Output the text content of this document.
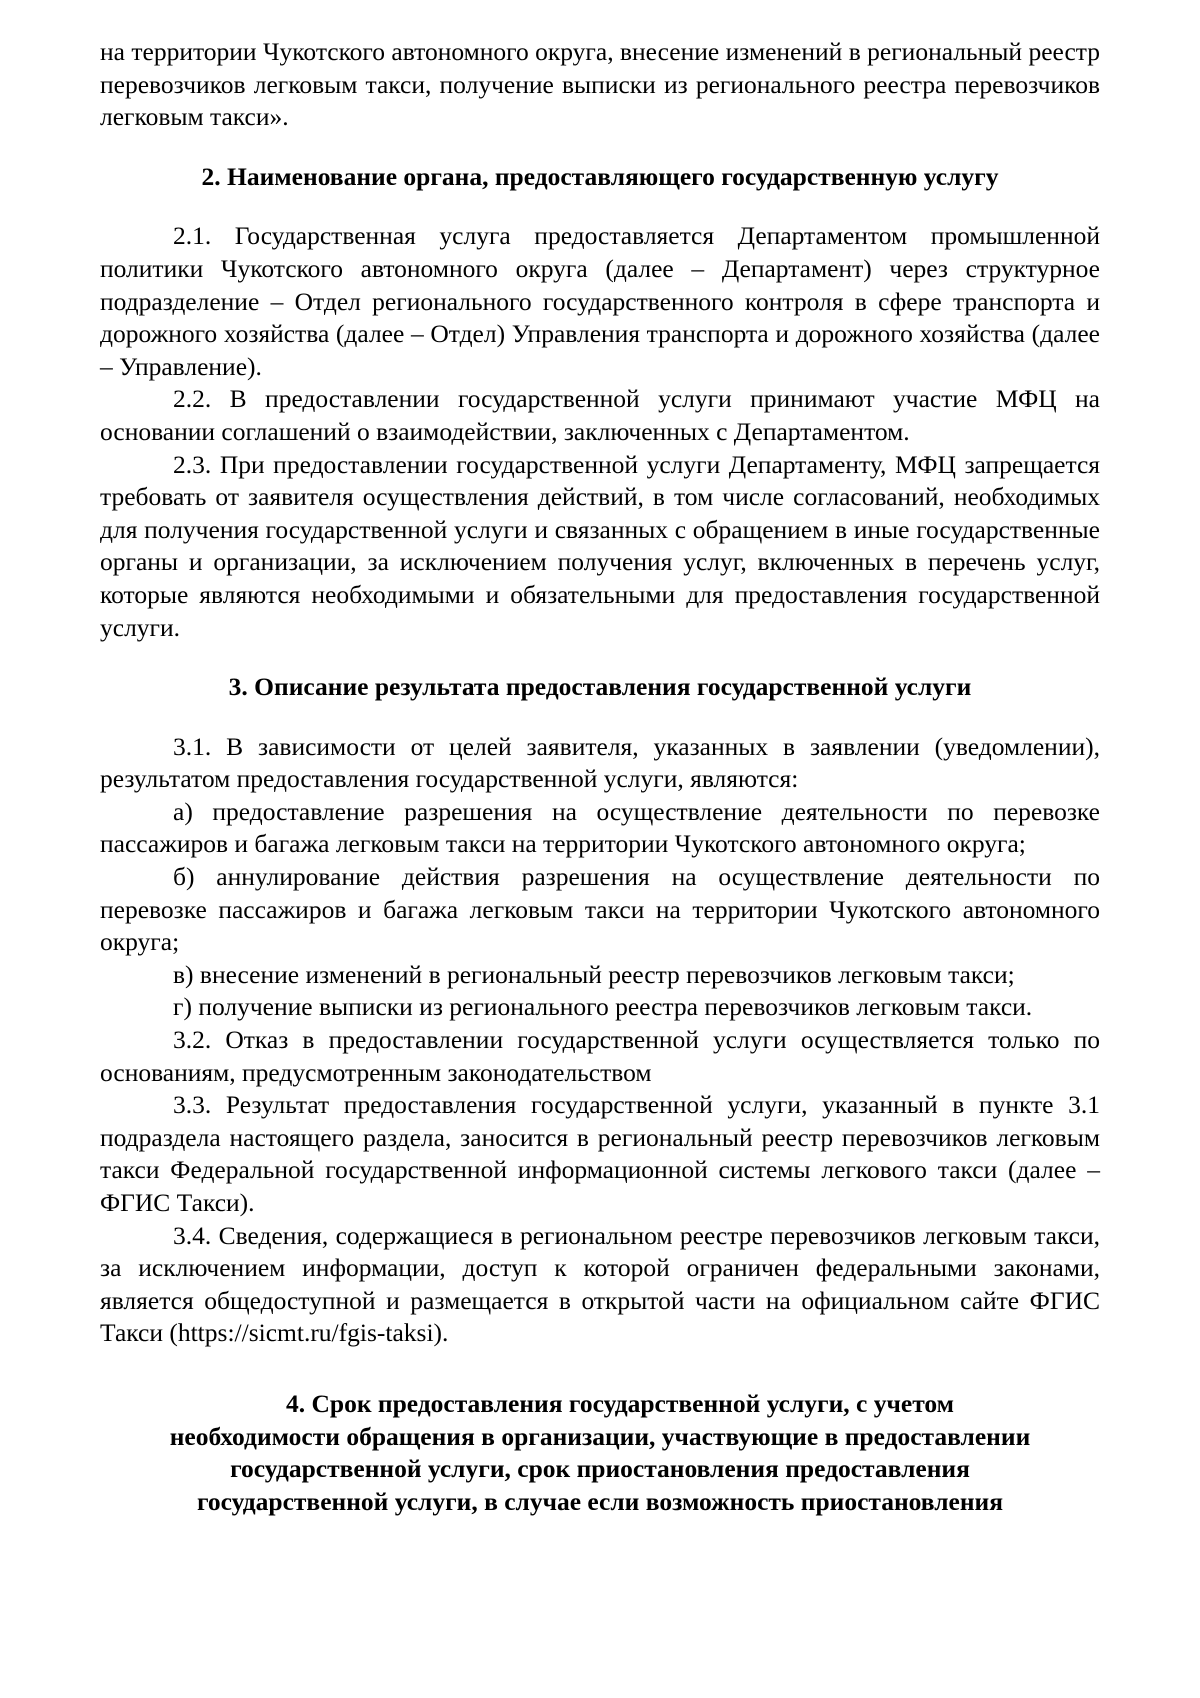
на территории Чукотского автономного округа, внесение изменений в региональный реестр перевозчиков легковым такси, получение выписки из регионального реестра перевозчиков легковым такси».

2. Наименование органа, предоставляющего государственную услугу

2.1. Государственная услуга предоставляется Департаментом промышленной политики Чукотского автономного округа (далее – Департамент) через структурное подразделение – Отдел регионального государственного контроля в сфере транспорта и дорожного хозяйства (далее – Отдел) Управления транспорта и дорожного хозяйства (далее – Управление).

2.2. В предоставлении государственной услуги принимают участие МФЦ на основании соглашений о взаимодействии, заключенных с Департаментом.

2.3. При предоставлении государственной услуги Департаменту, МФЦ запрещается требовать от заявителя осуществления действий, в том числе согласований, необходимых для получения государственной услуги и связанных с обращением в иные государственные органы и организации, за исключением получения услуг, включенных в перечень услуг, которые являются необходимыми и обязательными для предоставления государственной услуги.

3. Описание результата предоставления государственной услуги

3.1. В зависимости от целей заявителя, указанных в заявлении (уведомлении), результатом предоставления государственной услуги, являются:

а) предоставление разрешения на осуществление деятельности по перевозке пассажиров и багажа легковым такси на территории Чукотского автономного округа;

б) аннулирование действия разрешения на осуществление деятельности по перевозке пассажиров и багажа легковым такси на территории Чукотского автономного округа;

в) внесение изменений в региональный реестр перевозчиков легковым такси;

г) получение выписки из регионального реестра перевозчиков легковым такси.

3.2. Отказ в предоставлении государственной услуги осуществляется только по основаниям, предусмотренным законодательством

3.3. Результат предоставления государственной услуги, указанный в пункте 3.1 подраздела настоящего раздела, заносится в региональный реестр перевозчиков легковым такси Федеральной государственной информационной системы легкового такси (далее – ФГИС Такси).

3.4. Сведения, содержащиеся в региональном реестре перевозчиков легковым такси, за исключением информации, доступ к которой ограничен федеральными законами, является общедоступной и размещается в открытой части на официальном сайте ФГИС Такси (https://sicmt.ru/fgis-taksi).

4. Срок предоставления государственной услуги, с учетом
необходимости обращения в организации, участвующие в предоставлении
государственной услуги, срок приостановления предоставления
государственной услуги, в случае если возможность приостановления
